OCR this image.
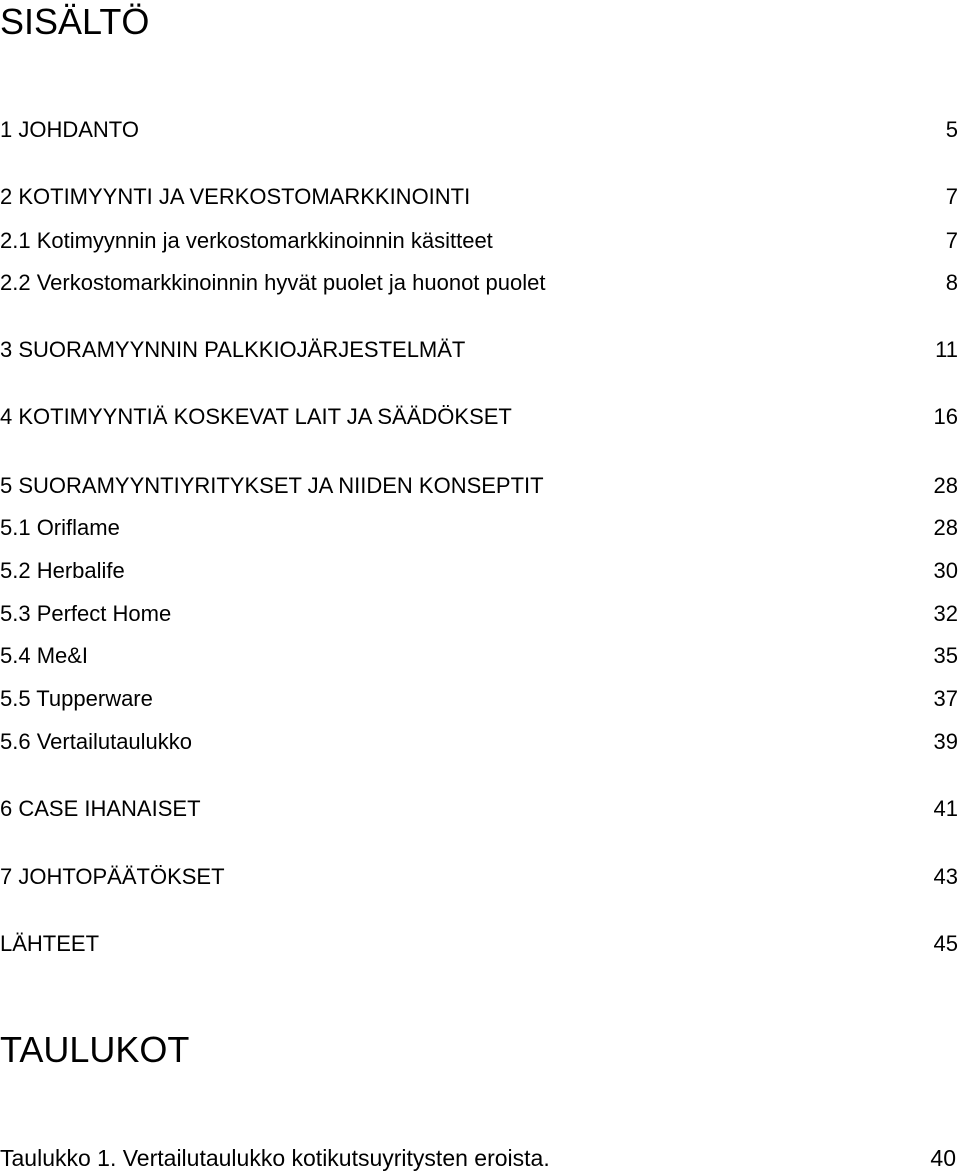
SISÄLTÖ
1 JOHDANTO	5
2 KOTIMYYNTI JA VERKOSTOMARKKINOINTI	7
2.1 Kotimyynnin ja verkostomarkkinoinnin käsitteet	7
2.2 Verkostomarkkinoinnin hyvät puolet ja huonot puolet	8
3 SUORAMYYNNIN PALKKIOJÄRJESTELMÄT	11
4 KOTIMYYNTIÄ KOSKEVAT LAIT JA SÄÄDÖKSET	16
5 SUORAMYYNTIYRITYKSET JA NIIDEN KONSEPTIT	28
5.1 Oriflame	28
5.2 Herbalife	30
5.3 Perfect Home	32
5.4 Me&I	35
5.5 Tupperware	37
5.6 Vertailutaulukko	39
6 CASE IHANAISET	41
7 JOHTOPÄÄTÖKSET	43
LÄHTEET	45
TAULUKOT
Taulukko 1. Vertailutaulukko kotikutsuyritysten eroista.	40
